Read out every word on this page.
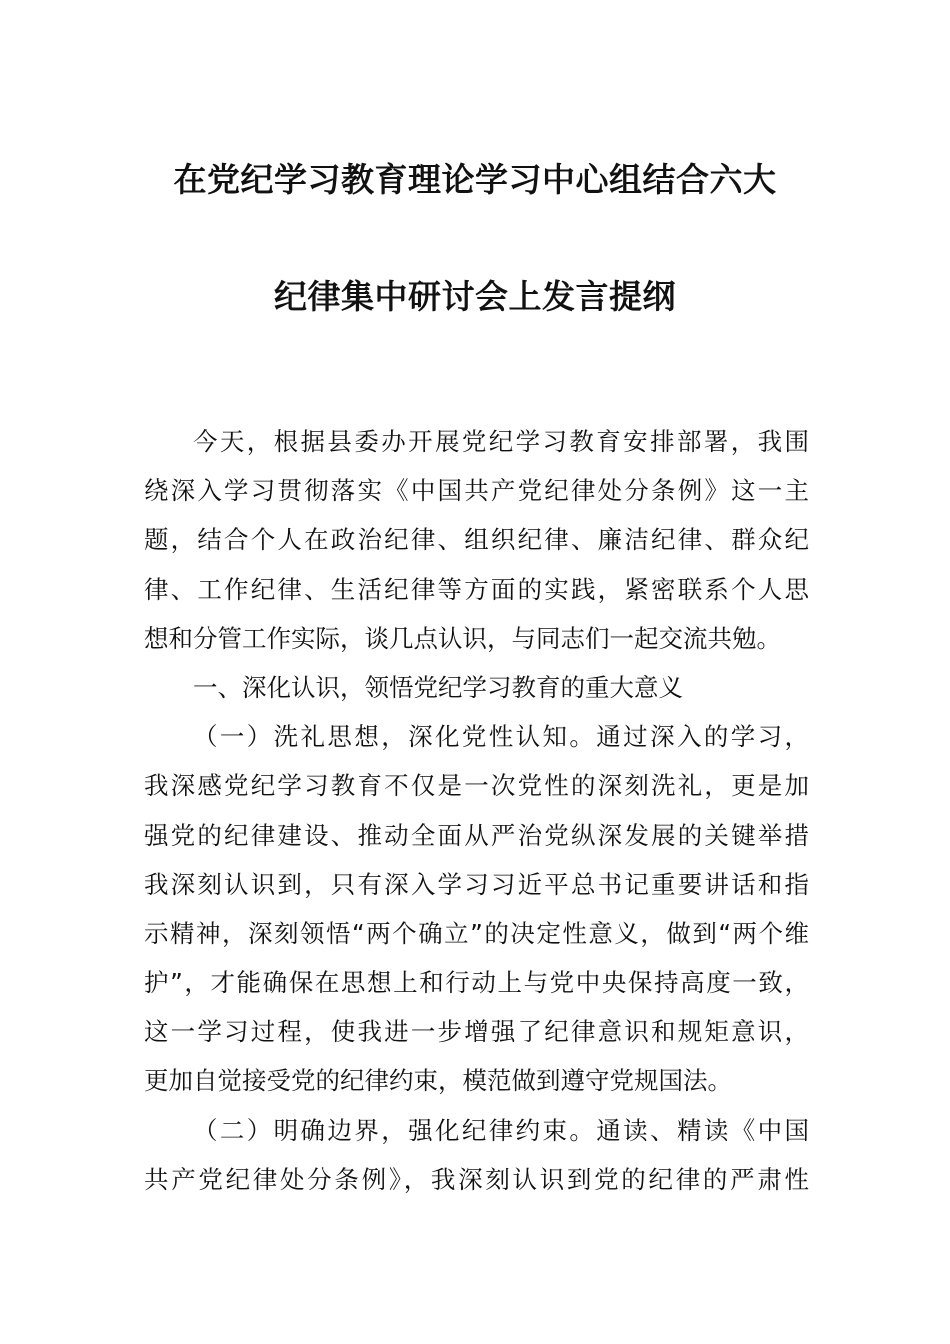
在党纪学习教育理论学习中心组结合六大
纪律集中研讨会上发言提纲
今天，根据县委办开展党纪学习教育安排部署，我围
绕深入学习贯彻落实《中国共产党纪律处分条例》这一主
题，结合个人在政治纪律、组织纪律、廉洁纪律、群众纪
律、工作纪律、生活纪律等方面的实践，紧密联系个人思
想和分管工作实际，谈几点认识，与同志们一起交流共勉。
一、深化认识，领悟党纪学习教育的重大意义
（一）洗礼思想，深化党性认知。通过深入的学习，
我深感党纪学习教育不仅是一次党性的深刻洗礼，更是加
强党的纪律建设、推动全面从严治党纵深发展的关键举措
我深刻认识到，只有深入学习习近平总书记重要讲话和指
示精神，深刻领悟“两个确立”的决定性意义，做到“两个维
护”，才能确保在思想上和行动上与党中央保持高度一致，
这一学习过程，使我进一步增强了纪律意识和规矩意识，
更加自觉接受党的纪律约束，模范做到遵守党规国法。
（二）明确边界，强化纪律约束。通读、精读《中国
共产党纪律处分条例》，我深刻认识到党的纪律的严肃性
